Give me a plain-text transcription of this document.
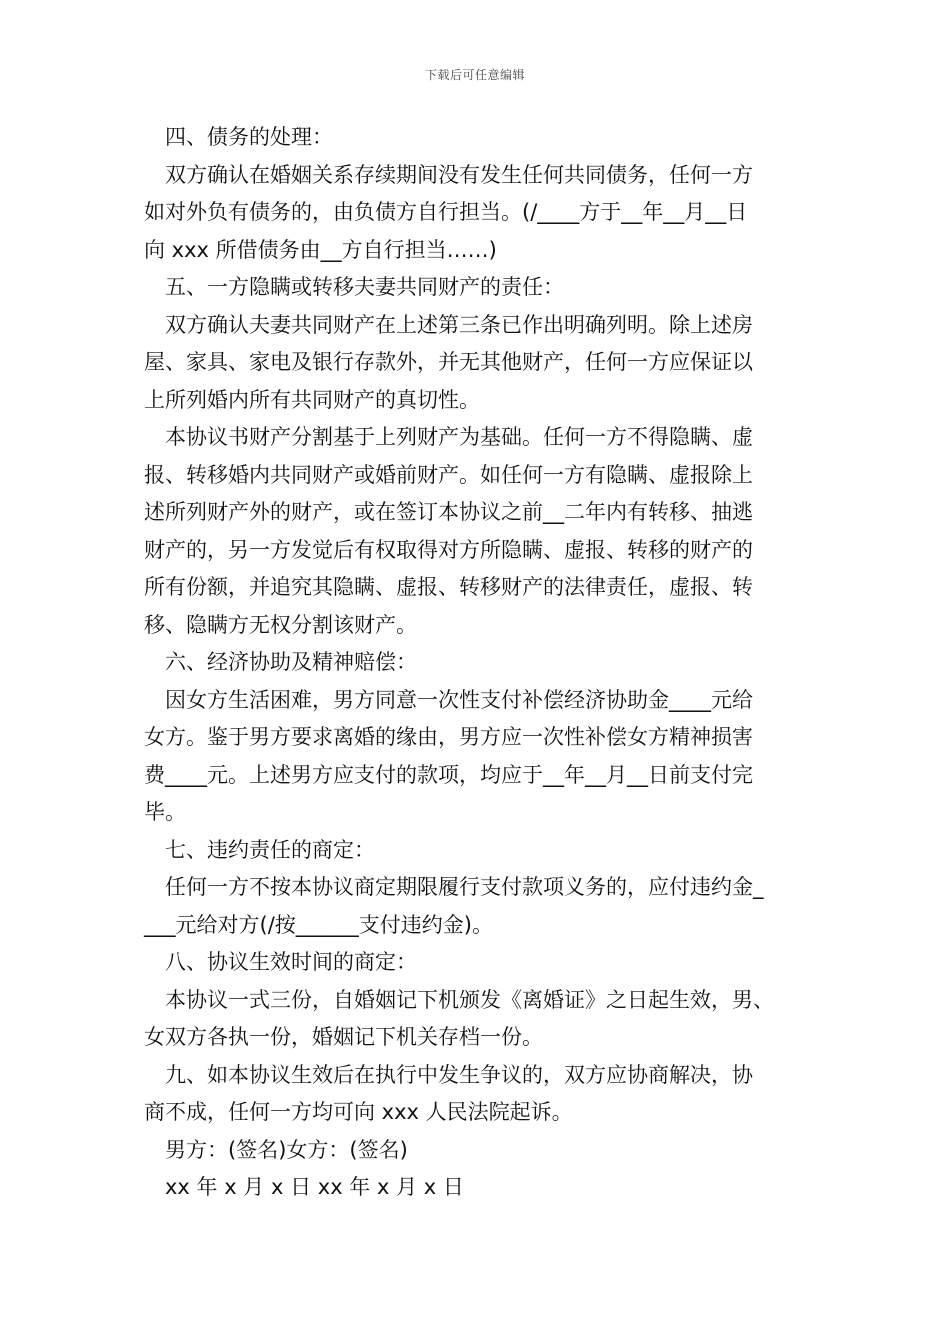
下载后可任意编辑
四、债务的处理：
双方确认在婚姻关系存续期间没有发生任何共同债务，任何一方
如对外负有债务的，由负债方自行担当。(/____方于__年__月__日
向 xxx 所借债务由__方自行担当……)
五、一方隐瞒或转移夫妻共同财产的责任：
双方确认夫妻共同财产在上述第三条已作出明确列明。除上述房
屋、家具、家电及银行存款外，并无其他财产，任何一方应保证以
上所列婚内所有共同财产的真切性。
本协议书财产分割基于上列财产为基础。任何一方不得隐瞒、虚
报、转移婚内共同财产或婚前财产。如任何一方有隐瞒、虚报除上
述所列财产外的财产，或在签订本协议之前__二年内有转移、抽逃
财产的，另一方发觉后有权取得对方所隐瞒、虚报、转移的财产的
所有份额，并追究其隐瞒、虚报、转移财产的法律责任，虚报、转
移、隐瞒方无权分割该财产。
六、经济协助及精神赔偿：
因女方生活困难，男方同意一次性支付补偿经济协助金____元给
女方。鉴于男方要求离婚的缘由，男方应一次性补偿女方精神损害
费____元。上述男方应支付的款项，均应于__年__月__日前支付完
毕。
七、违约责任的商定：
任何一方不按本协议商定期限履行支付款项义务的，应付违约金_
___元给对方(/按______支付违约金)。
八、协议生效时间的商定：
本协议一式三份，自婚姻记下机颁发《离婚证》之日起生效，男、
女双方各执一份，婚姻记下机关存档一份。
九、如本协议生效后在执行中发生争议的，双方应协商解决，协
商不成，任何一方均可向 xxx 人民法院起诉。
男方：(签名)女方：(签名)
xx 年 x 月 x 日 xx 年 x 月 x 日
